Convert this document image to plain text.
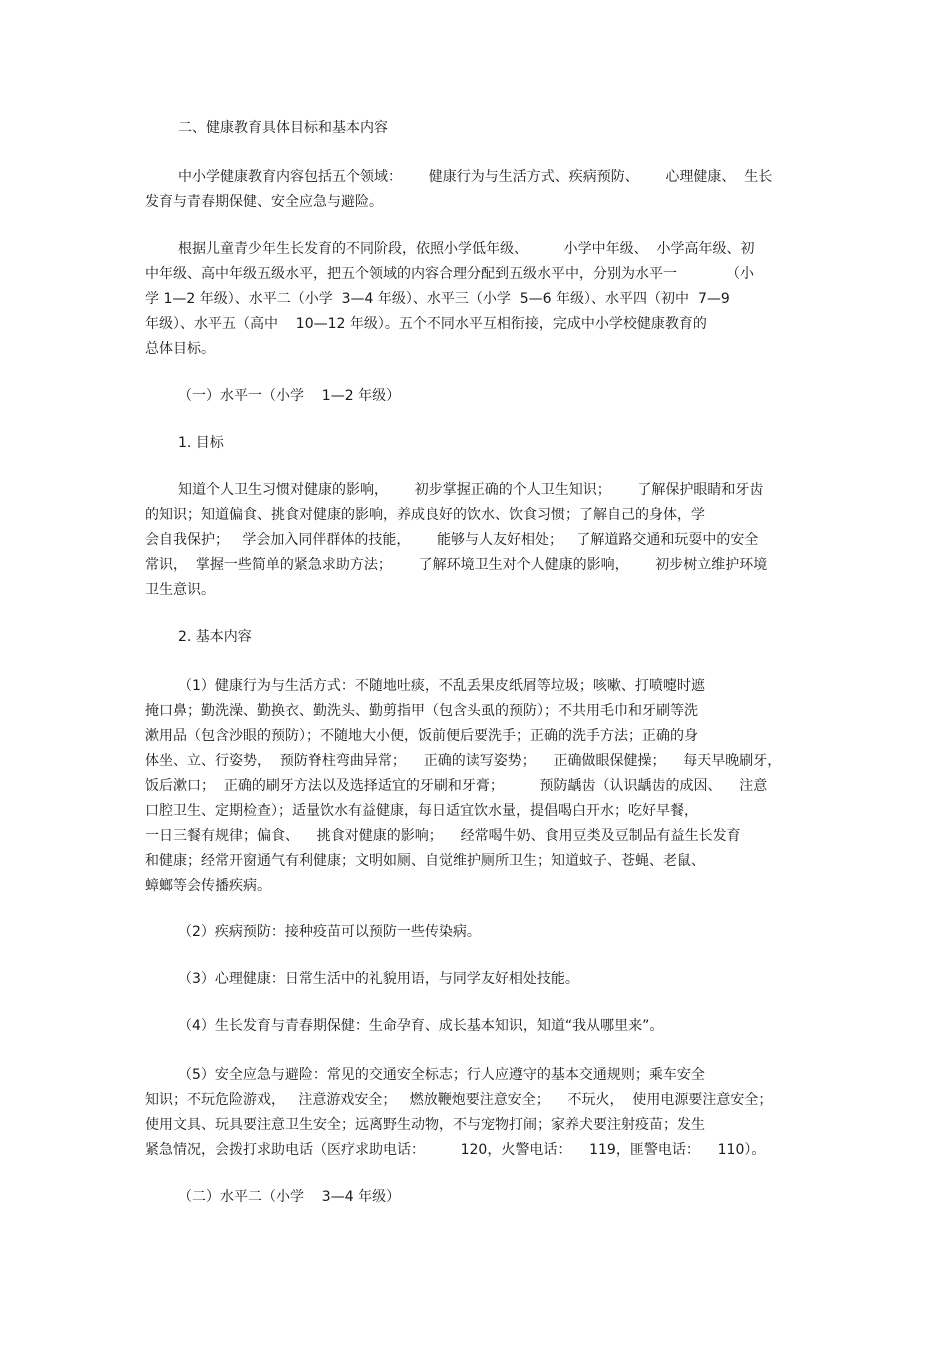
二、健康教育具体目标和基本内容
中小学健康教育内容包括五个领域：      健康行为与生活方式、疾病预防、      心理健康、  生长
发育与青春期保健、安全应急与避险。
根据儿童青少年生长发育的不同阶段，依照小学低年级、        小学中年级、  小学高年级、初
中年级、高中年级五级水平，把五个领域的内容合理分配到五级水平中，分别为水平一           （小
学 1—2 年级）、水平二（小学  3—4 年级）、水平三（小学  5—6 年级）、水平四（初中  7—9
年级）、水平五（高中    10—12 年级）。五个不同水平互相衔接，完成中小学校健康教育的
总体目标。
（一）水平一（小学    1—2 年级）
1. 目标
知道个人卫生习惯对健康的影响，      初步掌握正确的个人卫生知识；      了解保护眼睛和牙齿
的知识；知道偏食、挑食对健康的影响，养成良好的饮水、饮食习惯；了解自己的身体，学
会自我保护；   学会加入同伴群体的技能，      能够与人友好相处；   了解道路交通和玩耍中的安全
常识，  掌握一些简单的紧急求助方法；      了解环境卫生对个人健康的影响，      初步树立维护环境
卫生意识。
2. 基本内容
（1）健康行为与生活方式：不随地吐痰，不乱丢果皮纸屑等垃圾；咳嗽、打喷嚏时遮
掩口鼻；勤洗澡、勤换衣、勤洗头、勤剪指甲（包含头虱的预防）；不共用毛巾和牙刷等洗
漱用品（包含沙眼的预防）；不随地大小便，饭前便后要洗手；正确的洗手方法；正确的身
体坐、立、行姿势，  预防脊柱弯曲异常；    正确的读写姿势；    正确做眼保健操；    每天早晚刷牙，
饭后漱口；  正确的刷牙方法以及选择适宜的牙刷和牙膏；        预防龋齿（认识龋齿的成因、    注意
口腔卫生、定期检查）；适量饮水有益健康，每日适宜饮水量，提倡喝白开水；吃好早餐，
一日三餐有规律；偏食、    挑食对健康的影响；    经常喝牛奶、食用豆类及豆制品有益生长发育
和健康；经常开窗通气有利健康；文明如厕、自觉维护厕所卫生；知道蚊子、苍蝇、老鼠、
蟑螂等会传播疾病。
（2）疾病预防：接种疫苗可以预防一些传染病。
（3）心理健康：日常生活中的礼貌用语，与同学友好相处技能。
（4）生长发育与青春期保健：生命孕育、成长基本知识，知道“我从哪里来”。
（5）安全应急与避险：常见的交通安全标志；行人应遵守的基本交通规则；乘车安全
知识；不玩危险游戏，   注意游戏安全；   燃放鞭炮要注意安全；    不玩火，  使用电源要注意安全；
使用文具、玩具要注意卫生安全；远离野生动物，不与宠物打闹；家养犬要注射疫苗；发生
紧急情况，会拨打求助电话（医疗求助电话：        120，火警电话：    119，匪警电话：    110）。
（二）水平二（小学    3—4 年级）
